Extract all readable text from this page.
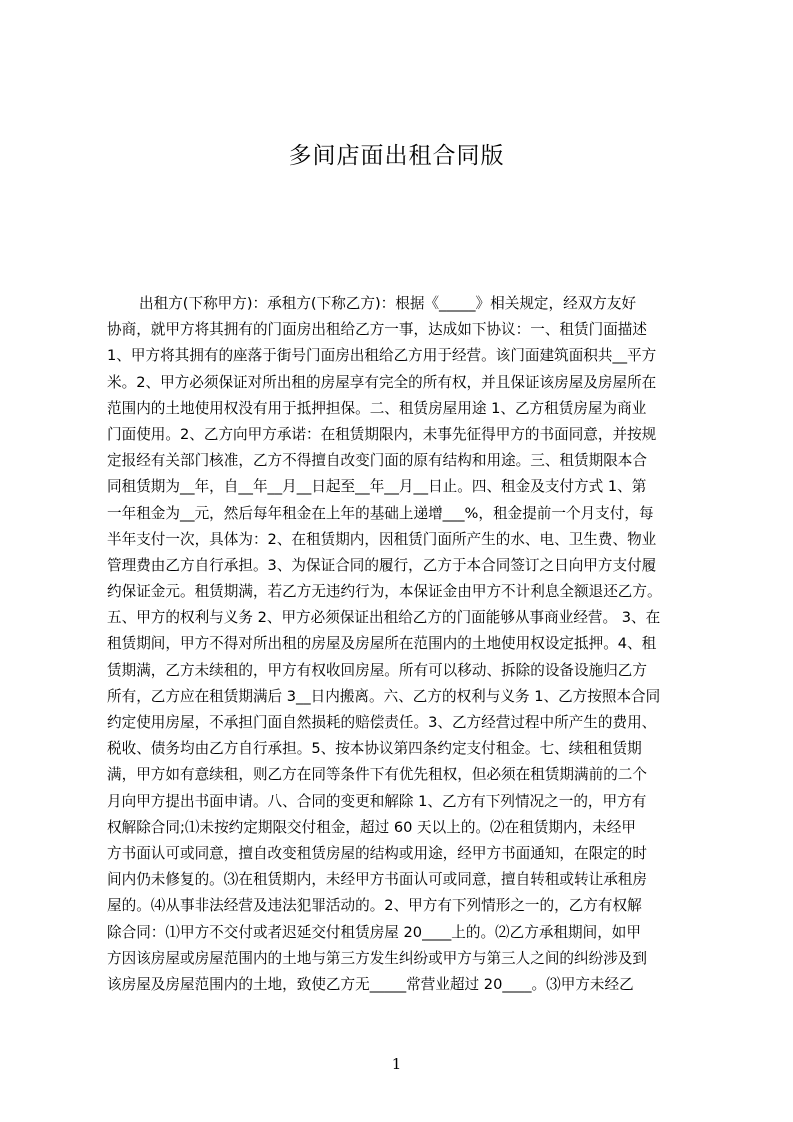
多间店面出租合同版
出租方(下称甲方)：承租方(下称乙方)：根据《_____》相关规定，经双方友好
协商，就甲方将其拥有的门面房出租给乙方一事，达成如下协议：一、租赁门面描述
1、甲方将其拥有的座落于街号门面房出租给乙方用于经营。该门面建筑面积共__平方
米。2、甲方必须保证对所出租的房屋享有完全的所有权，并且保证该房屋及房屋所在
范围内的土地使用权没有用于抵押担保。二、租赁房屋用途 1、乙方租赁房屋为商业
门面使用。2、乙方向甲方承诺：在租赁期限内，未事先征得甲方的书面同意，并按规
定报经有关部门核准，乙方不得擅自改变门面的原有结构和用途。三、租赁期限本合
同租赁期为__年，自__年__月__日起至__年__月__日止。四、租金及支付方式 1、第
一年租金为__元，然后每年租金在上年的基础上递增___%，租金提前一个月支付，每
半年支付一次，具体为：2、在租赁期内，因租赁门面所产生的水、电、卫生费、物业
管理费由乙方自行承担。3、为保证合同的履行，乙方于本合同签订之日向甲方支付履
约保证金元。租赁期满，若乙方无违约行为，本保证金由甲方不计利息全额退还乙方。
五、甲方的权利与义务 2、甲方必须保证出租给乙方的门面能够从事商业经营。 3、在
租赁期间，甲方不得对所出租的房屋及房屋所在范围内的土地使用权设定抵押。4、租
赁期满，乙方未续租的，甲方有权收回房屋。所有可以移动、拆除的设备设施归乙方
所有，乙方应在租赁期满后 3__日内搬离。六、乙方的权利与义务 1、乙方按照本合同
约定使用房屋，不承担门面自然损耗的赔偿责任。3、乙方经营过程中所产生的费用、
税收、债务均由乙方自行承担。5、按本协议第四条约定支付租金。七、续租租赁期
满，甲方如有意续租，则乙方在同等条件下有优先租权，但必须在租赁期满前的二个
月向甲方提出书面申请。八、合同的变更和解除 1、乙方有下列情况之一的，甲方有
权解除合同;⑴未按约定期限交付租金，超过 60 天以上的。⑵在租赁期内，未经甲
方书面认可或同意，擅自改变租赁房屋的结构或用途，经甲方书面通知，在限定的时
间内仍未修复的。⑶在租赁期内，未经甲方书面认可或同意，擅自转租或转让承租房
屋的。⑷从事非法经营及违法犯罪活动的。2、甲方有下列情形之一的，乙方有权解
除合同：⑴甲方不交付或者迟延交付租赁房屋 20____上的。⑵乙方承租期间，如甲
方因该房屋或房屋范围内的土地与第三方发生纠纷或甲方与第三人之间的纠纷涉及到
该房屋及房屋范围内的土地，致使乙方无_____常营业超过 20____。⑶甲方未经乙
1
